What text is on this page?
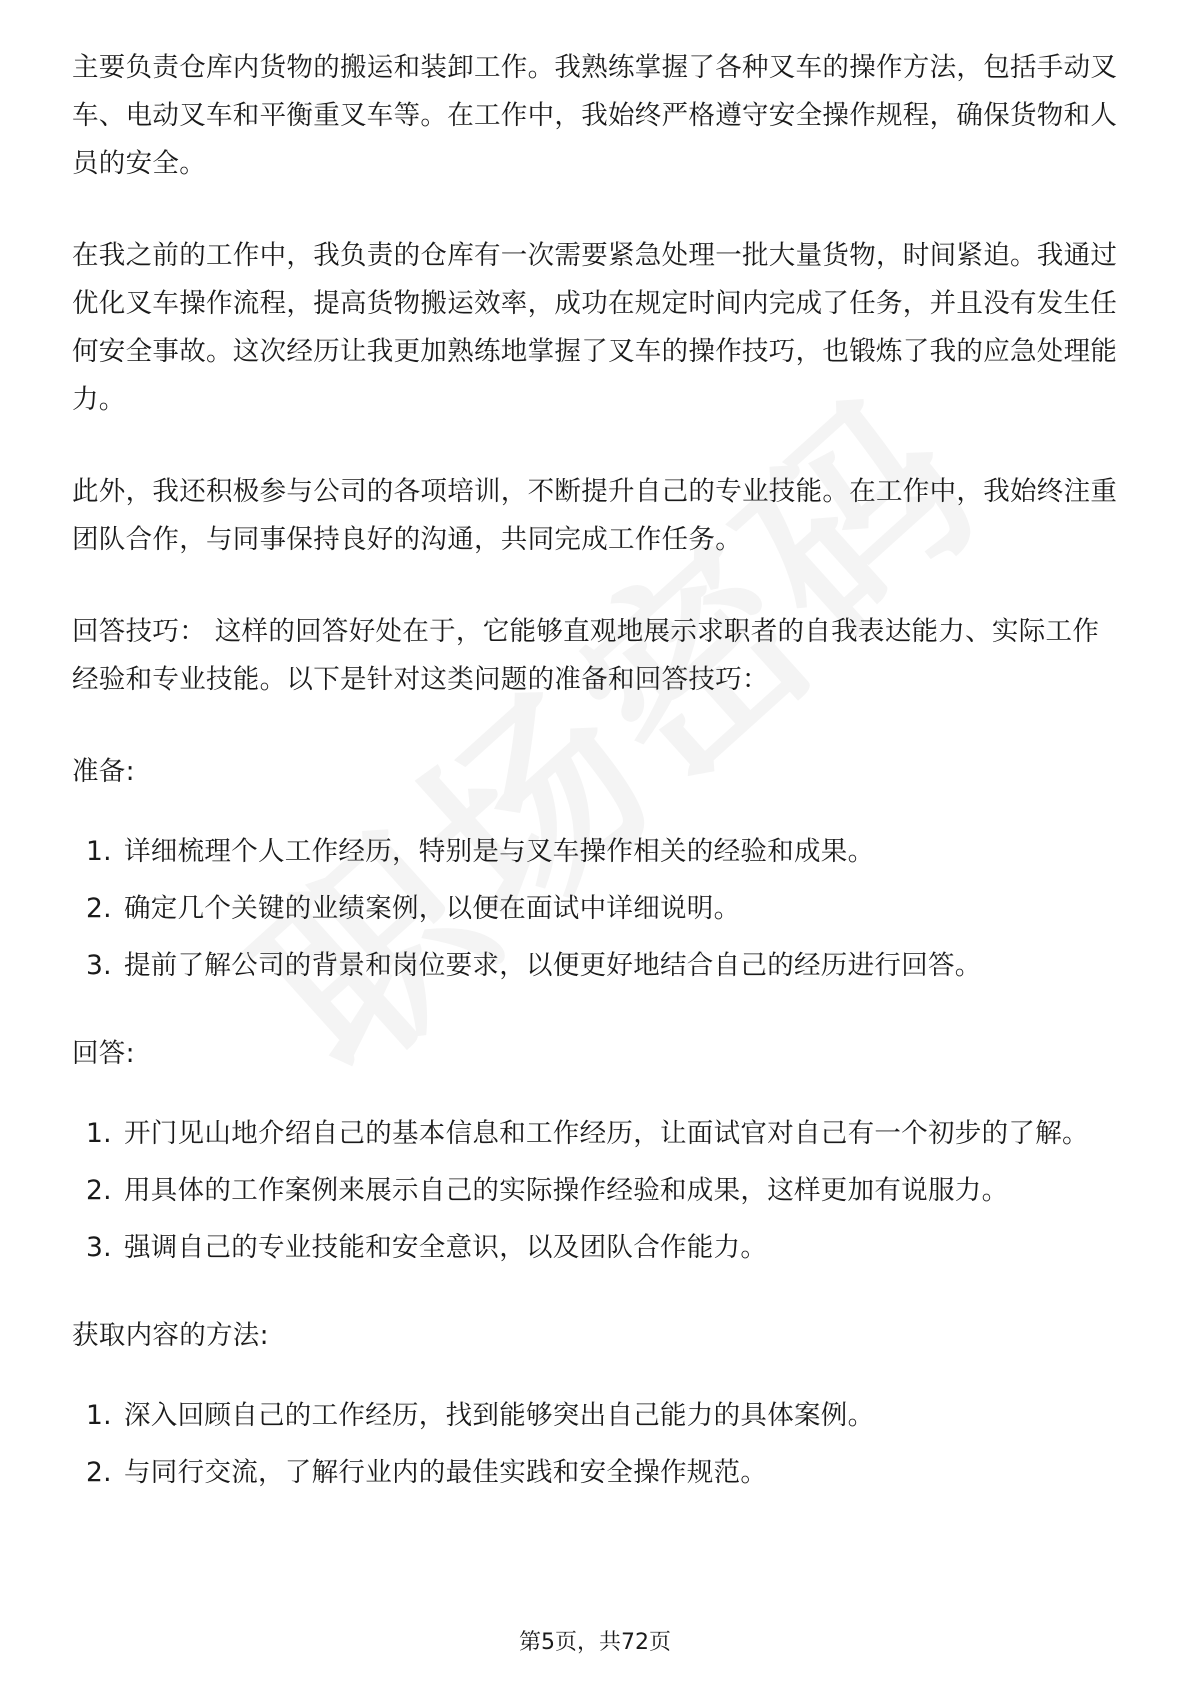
主要负责仓库内货物的搬运和装卸工作。我熟练掌握了各种叉车的操作方法，包括手动叉车、电动叉车和平衡重叉车等。在工作中，我始终严格遵守安全操作规程，确保货物和人员的安全。

在我之前的工作中，我负责的仓库有一次需要紧急处理一批大量货物，时间紧迫。我通过优化叉车操作流程，提高货物搬运效率，成功在规定时间内完成了任务，并且没有发生任何安全事故。这次经历让我更加熟练地掌握了叉车的操作技巧，也锻炼了我的应急处理能力。

此外，我还积极参与公司的各项培训，不断提升自己的专业技能。在工作中，我始终注重团队合作，与同事保持良好的沟通，共同完成工作任务。

回答技巧： 这样的回答好处在于，它能够直观地展示求职者的自我表达能力、实际工作经验和专业技能。以下是针对这类问题的准备和回答技巧：

准备:

1. 详细梳理个人工作经历，特别是与叉车操作相关的经验和成果。
2. 确定几个关键的业绩案例，以便在面试中详细说明。
3. 提前了解公司的背景和岗位要求，以便更好地结合自己的经历进行回答。

回答:

1. 开门见山地介绍自己的基本信息和工作经历，让面试官对自己有一个初步的了解。
2. 用具体的工作案例来展示自己的实际操作经验和成果，这样更加有说服力。
3. 强调自己的专业技能和安全意识，以及团队合作能力。

获取内容的方法:

1. 深入回顾自己的工作经历，找到能够突出自己能力的具体案例。
2. 与同行交流，了解行业内的最佳实践和安全操作规范。
第5页，共72页
